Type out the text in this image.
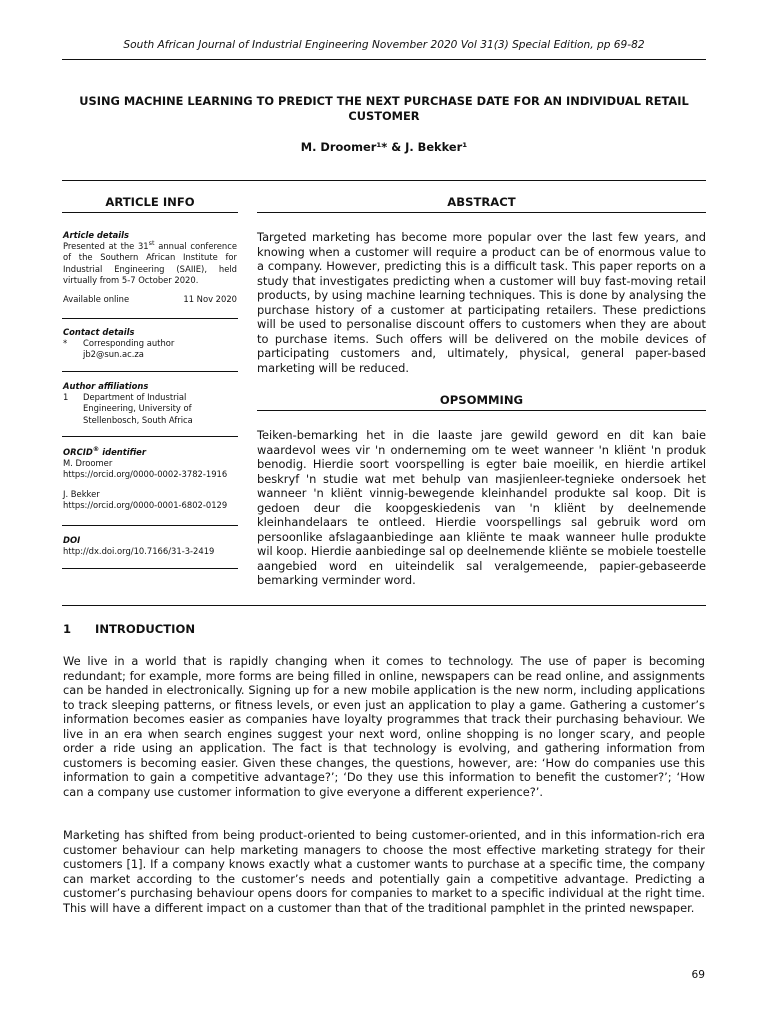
South African Journal of Industrial Engineering November 2020 Vol 31(3) Special Edition, pp 69-82
USING MACHINE LEARNING TO PREDICT THE NEXT PURCHASE DATE FOR AN INDIVIDUAL RETAIL CUSTOMER
M. Droomer¹* & J. Bekker¹
ARTICLE INFO	ABSTRACT
Article details
Presented at the 31st annual conference of the Southern African Institute for Industrial Engineering (SAIIE), held virtually from 5-7 October 2020.
Available online	11 Nov 2020
Contact details
*	Corresponding author
jb2@sun.ac.za
Author affiliations
1	Department of Industrial Engineering, University of Stellenbosch, South Africa
ORCID® identifier
M. Droomer
https://orcid.org/0000-0002-3782-1916
J. Bekker
https://orcid.org/0000-0001-6802-0129
DOI
http://dx.doi.org/10.7166/31-3-2419
Targeted marketing has become more popular over the last few years, and knowing when a customer will require a product can be of enormous value to a company. However, predicting this is a difficult task. This paper reports on a study that investigates predicting when a customer will buy fast-moving retail products, by using machine learning techniques. This is done by analysing the purchase history of a customer at participating retailers. These predictions will be used to personalise discount offers to customers when they are about to purchase items. Such offers will be delivered on the mobile devices of participating customers and, ultimately, physical, general paper-based marketing will be reduced.
OPSOMMING
Teiken-bemarking het in die laaste jare gewild geword en dit kan baie waardevol wees vir 'n onderneming om te weet wanneer 'n kliënt 'n produk benodig. Hierdie soort voorspelling is egter baie moeilik, en hierdie artikel beskryf 'n studie wat met behulp van masjienleer-tegnieke ondersoek het wanneer 'n kliënt vinnig-bewegende kleinhandel produkte sal koop. Dit is gedoen deur die koopgeskiedenis van 'n kliënt by deelnemende kleinhandelaars te ontleed. Hierdie voorspellings sal gebruik word om persoonlike afslagaanbiedinge aan kliënte te maak wanneer hulle produkte wil koop. Hierdie aanbiedinge sal op deelnemende kliënte se mobiele toestelle aangebied word en uiteindelik sal veralgemeende, papier-gebaseerde bemarking verminder word.
1 INTRODUCTION
We live in a world that is rapidly changing when it comes to technology. The use of paper is becoming redundant; for example, more forms are being filled in online, newspapers can be read online, and assignments can be handed in electronically. Signing up for a new mobile application is the new norm, including applications to track sleeping patterns, or fitness levels, or even just an application to play a game. Gathering a customer’s information becomes easier as companies have loyalty programmes that track their purchasing behaviour. We live in an era when search engines suggest your next word, online shopping is no longer scary, and people order a ride using an application. The fact is that technology is evolving, and gathering information from customers is becoming easier. Given these changes, the questions, however, are: ‘How do companies use this information to gain a competitive advantage?’; ‘Do they use this information to benefit the customer?’; ‘How can a company use customer information to give everyone a different experience?’.
Marketing has shifted from being product-oriented to being customer-oriented, and in this information-rich era customer behaviour can help marketing managers to choose the most effective marketing strategy for their customers [1]. If a company knows exactly what a customer wants to purchase at a specific time, the company can market according to the customer’s needs and potentially gain a competitive advantage. Predicting a customer’s purchasing behaviour opens doors for companies to market to a specific individual at the right time. This will have a different impact on a customer than that of the traditional pamphlet in the printed newspaper.
69
